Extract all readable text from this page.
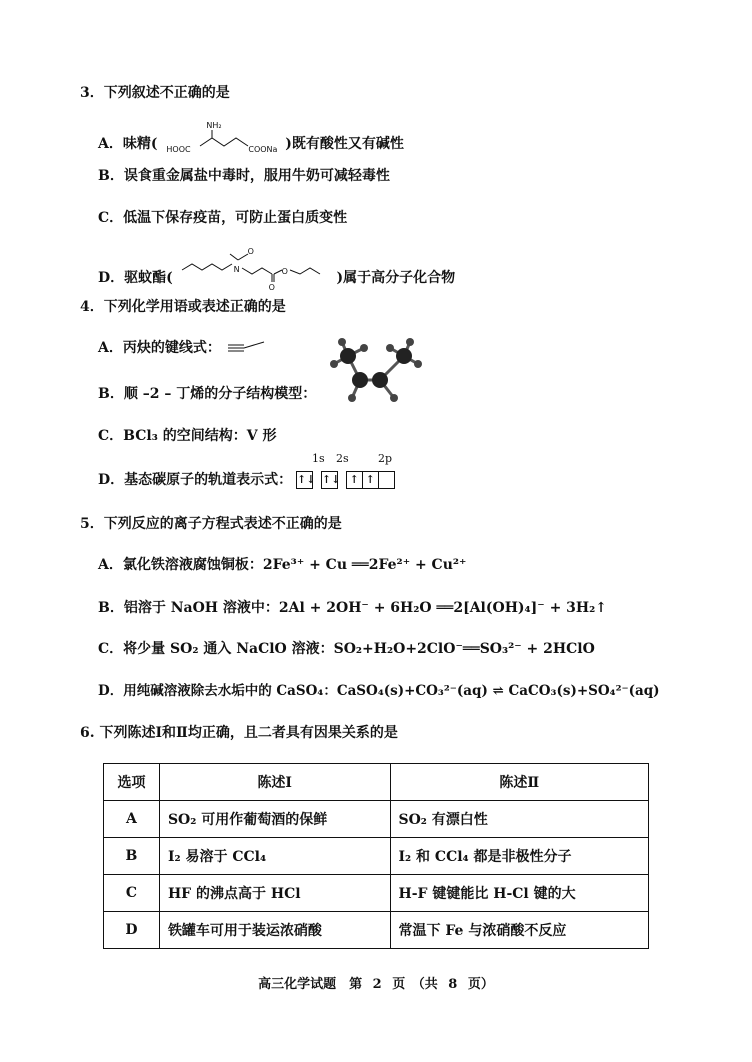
3．下列叙述不正确的是
A．味精(
NH₂
HOOC	COONa )既有酸性又有碱性
B．误食重金属盐中毒时，服用牛奶可减轻毒性
C．低温下保存疫苗，可防止蛋白质变性
D．驱蚊酯(
N
O
O
O	)属于高分子化合物
4．下列化学用语或表述正确的是
A．丙炔的键线式：
B．顺 –2 – 丁烯的分子结构模型：
C．BCl₃ 的空间结构：V 形
1s 2s	2p
D．基态碳原子的轨道表示式： ↑↓ ↑↓ ↑ ↑
5．下列反应的离子方程式表述不正确的是
A．氯化铁溶液腐蚀铜板：2Fe³⁺ + Cu ══2Fe²⁺ + Cu²⁺
B．铝溶于 NaOH 溶液中：2Al + 2OH⁻ + 6H₂O ══2[Al(OH)₄]⁻ + 3H₂↑
C．将少量 SO₂ 通入 NaClO 溶液：SO₂+H₂O+2ClO⁻══SO₃²⁻ + 2HClO
D．用纯碱溶液除去水垢中的 CaSO₄：CaSO₄(s)+CO₃²⁻(aq) ⇌ CaCO₃(s)+SO₄²⁻(aq)
6. 下列陈述Ⅰ和Ⅱ均正确，且二者具有因果关系的是
选项	陈述Ⅰ	陈述Ⅱ
A	SO₂ 可用作葡萄酒的保鲜	SO₂ 有漂白性
B	I₂ 易溶于 CCl₄	I₂ 和 CCl₄ 都是非极性分子
C	HF 的沸点高于 HCl	H-F 键键能比 H-Cl 键的大
D	铁罐车可用于装运浓硝酸	常温下 Fe 与浓硝酸不反应
高三化学试题　第 2 页　（共 8 页）
